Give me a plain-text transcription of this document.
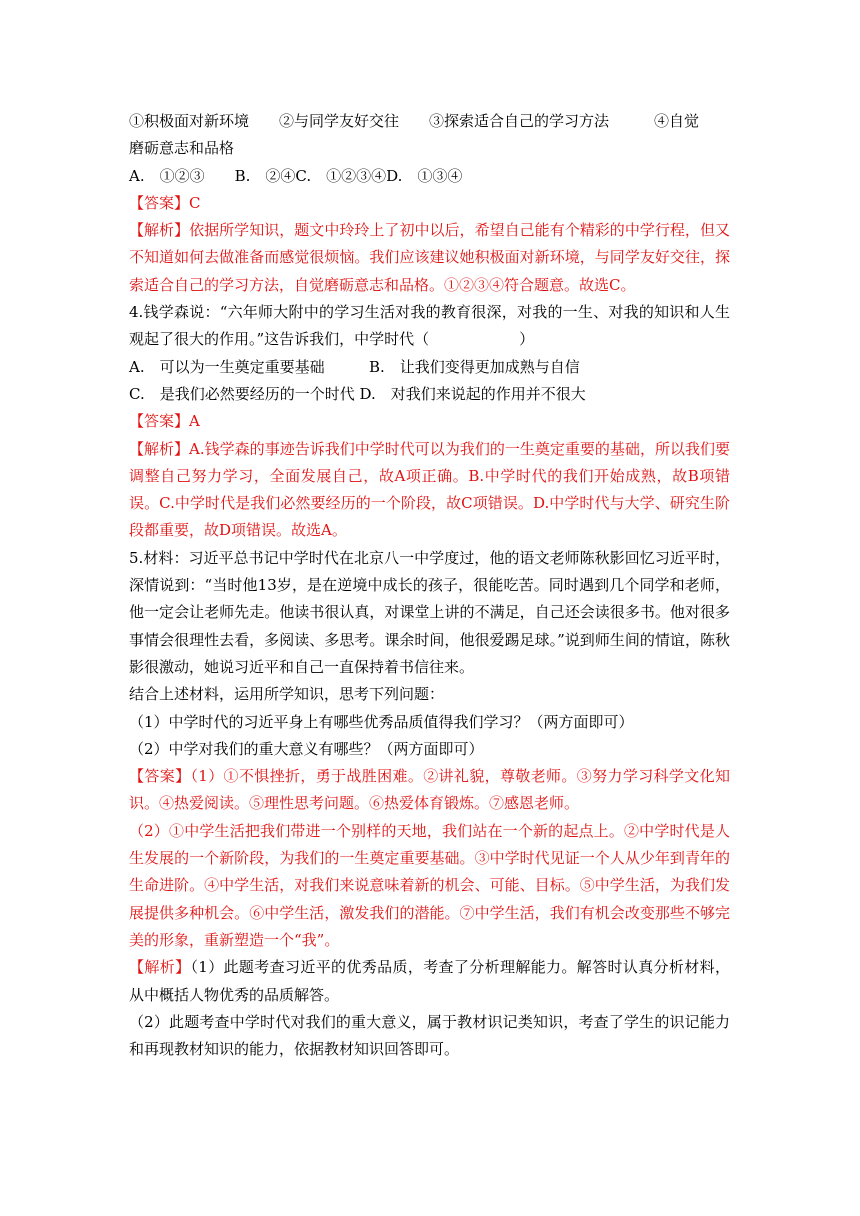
①积极面对新环境　　②与同学友好交往　　③探索适合自己的学习方法　　　④自觉

磨砺意志和品格

A.　①②③　　B.　②④C.　①②③④D.　①③④

【答案】C

【解析】依据所学知识，题文中玲玲上了初中以后，希望自己能有个精彩的中学行程，但又不知道如何去做准备而感觉很烦恼。我们应该建议她积极面对新环境，与同学友好交往，探索适合自己的学习方法，自觉磨砺意志和品格。①②③④符合题意。故选C。

4.钱学森说：“六年师大附中的学习生活对我的教育很深，对我的一生、对我的知识和人生观起了很大的作用。”这告诉我们，中学时代（　　　　　　）

A.　可以为一生奠定重要基础	B.　让我们变得更加成熟与自信

C.　是我们必然要经历的一个时代 D.　对我们来说起的作用并不很大

【答案】A

【解析】A.钱学森的事迹告诉我们中学时代可以为我们的一生奠定重要的基础，所以我们要调整自己努力学习，全面发展自己，故A项正确。B.中学时代的我们开始成熟，故B项错误。C.中学时代是我们必然要经历的一个阶段，故C项错误。D.中学时代与大学、研究生阶段都重要，故D项错误。故选A。

5.材料：习近平总书记中学时代在北京八一中学度过，他的语文老师陈秋影回忆习近平时，深情说到：“当时他13岁，是在逆境中成长的孩子，很能吃苦。同时遇到几个同学和老师，他一定会让老师先走。他读书很认真，对课堂上讲的不满足，自己还会读很多书。他对很多事情会很理性去看，多阅读、多思考。课余时间，他很爱踢足球。”说到师生间的情谊，陈秋影很激动，她说习近平和自己一直保持着书信往来。

结合上述材料，运用所学知识，思考下列问题：

（1）中学时代的习近平身上有哪些优秀品质值得我们学习？（两方面即可）

（2）中学对我们的重大意义有哪些？（两方面即可）

【答案】（1）①不惧挫折，勇于战胜困难。②讲礼貌，尊敬老师。③努力学习科学文化知识。④热爱阅读。⑤理性思考问题。⑥热爱体育锻炼。⑦感恩老师。

（2）①中学生活把我们带进一个别样的天地，我们站在一个新的起点上。②中学时代是人生发展的一个新阶段，为我们的一生奠定重要基础。③中学时代见证一个人从少年到青年的生命进阶。④中学生活，对我们来说意味着新的机会、可能、目标。⑤中学生活，为我们发展提供多种机会。⑥中学生活，激发我们的潜能。⑦中学生活，我们有机会改变那些不够完美的形象，重新塑造一个“我”。

【解析】（1）此题考查习近平的优秀品质，考查了分析理解能力。解答时认真分析材料，从中概括人物优秀的品质解答。

（2）此题考查中学时代对我们的重大意义，属于教材识记类知识，考查了学生的识记能力和再现教材知识的能力，依据教材知识回答即可。
